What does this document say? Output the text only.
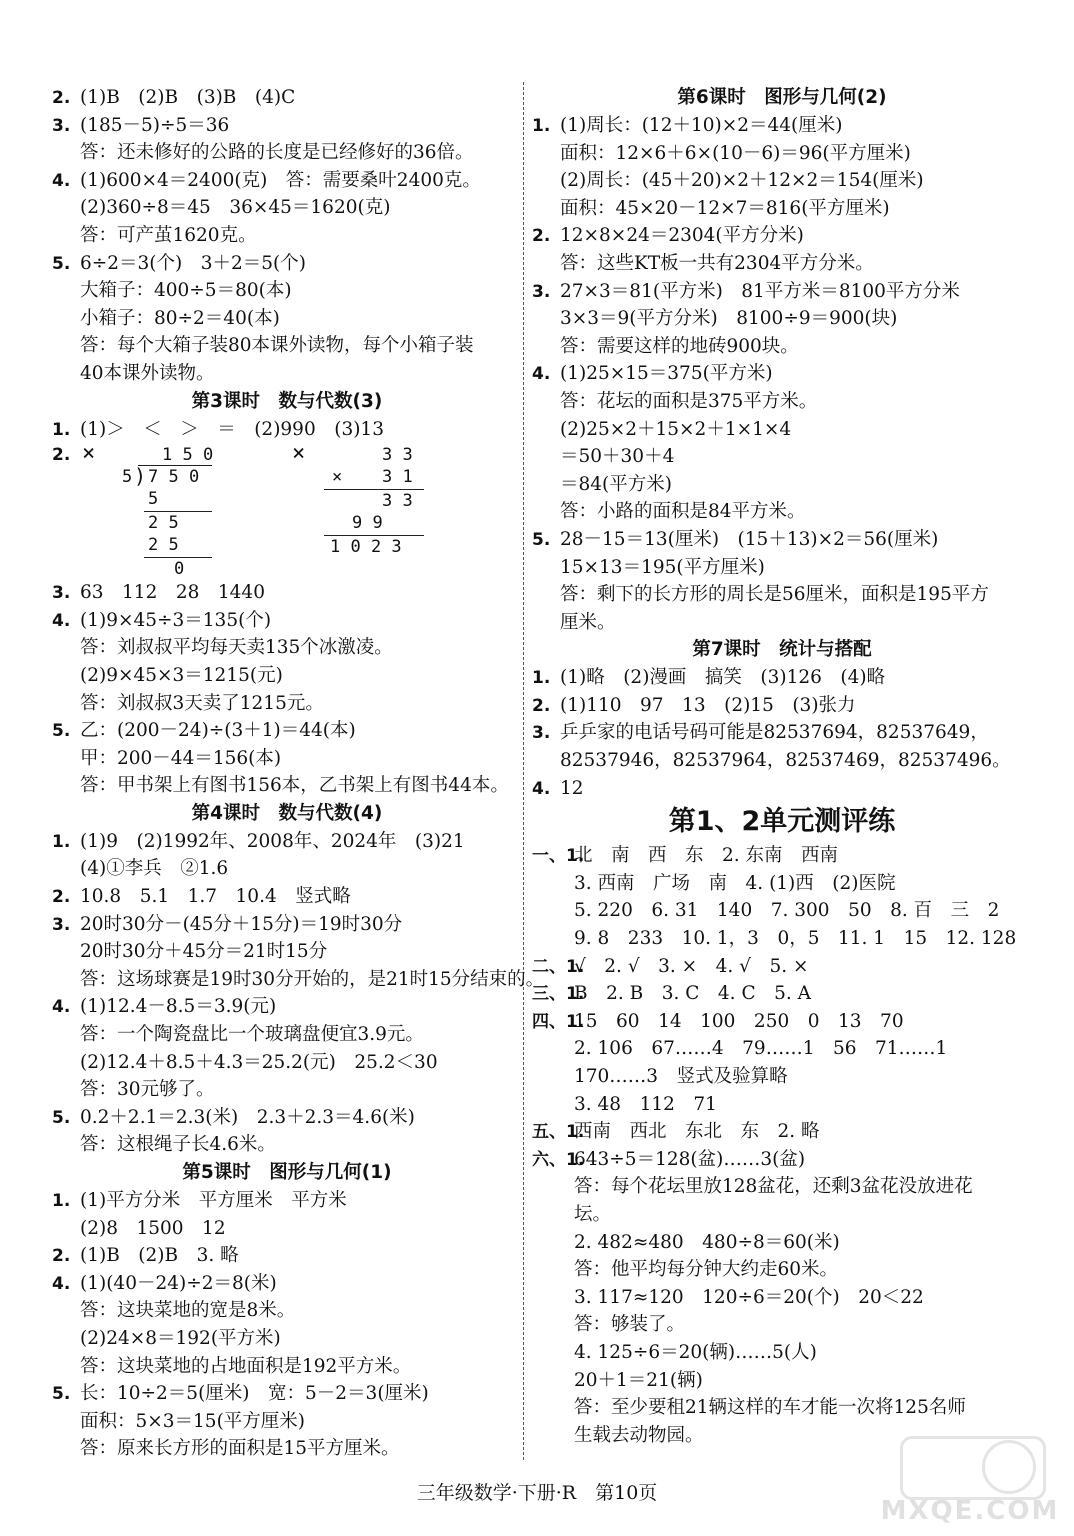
2. (1)B　(2)B　(3)B　(4)C
3. (185－5)÷5＝36
答：还未修好的公路的长度是已经修好的36倍。
4. (1)600×4＝2400(克)　答：需要桑叶2400克。
(2)360÷8＝45　36×45＝1620(克)
答：可产茧1620克。
5. 6÷2＝3(个)　3＋2＝5(个)
大箱子：400÷5＝80(本)
小箱子：80÷2＝40(本)
答：每个大箱子装80本课外读物，每个小箱子装
40本课外读物。
第3课时　数与代数(3)
1. (1)＞　＜　＞　＝　(2)990　(3)13
2. ×	1 5 0
5 ) 7 5 0
5
2 5
2 5
0
×	3 3
× 3 1
3 3
9 9
1 0 2 3
3. 63　112　28　1440
4. (1)9×45÷3＝135(个)
答：刘叔叔平均每天卖135个冰激凌。
(2)9×45×3＝1215(元)
答：刘叔叔3天卖了1215元。
5. 乙：(200－24)÷(3＋1)＝44(本)
甲：200－44＝156(本)
答：甲书架上有图书156本，乙书架上有图书44本。
第4课时　数与代数(4)
1. (1)9　(2)1992年、2008年、2024年　(3)21
(4)①李兵　②1.6
2. 10.8　5.1　1.7　10.4　竖式略
3. 20时30分－(45分＋15分)＝19时30分
20时30分＋45分＝21时15分
答：这场球赛是19时30分开始的，是21时15分结束的。
4. (1)12.4－8.5＝3.9(元)
答：一个陶瓷盘比一个玻璃盘便宜3.9元。
(2)12.4＋8.5＋4.3＝25.2(元)　25.2＜30
答：30元够了。
5. 0.2＋2.1＝2.3(米)　2.3＋2.3＝4.6(米)
答：这根绳子长4.6米。
第5课时　图形与几何(1)
1. (1)平方分米　平方厘米　平方米
(2)8　1500　12
2. (1)B　(2)B　3. 略
4. (1)(40－24)÷2＝8(米)
答：这块菜地的宽是8米。
(2)24×8＝192(平方米)
答：这块菜地的占地面积是192平方米。
5. 长：10÷2＝5(厘米)　宽：5－2＝3(厘米)
面积：5×3＝15(平方厘米)
答：原来长方形的面积是15平方厘米。
第6课时　图形与几何(2)
1. (1)周长：(12＋10)×2＝44(厘米)
面积：12×6＋6×(10－6)＝96(平方厘米)
(2)周长：(45＋20)×2＋12×2＝154(厘米)
面积：45×20－12×7＝816(平方厘米)
2. 12×8×24＝2304(平方分米)
答：这些KT板一共有2304平方分米。
3. 27×3＝81(平方米)　81平方米＝8100平方分米
3×3＝9(平方分米)　8100÷9＝900(块)
答：需要这样的地砖900块。
4. (1)25×15＝375(平方米)
答：花坛的面积是375平方米。
(2)25×2＋15×2＋1×1×4
＝50＋30＋4
＝84(平方米)
答：小路的面积是84平方米。
5. 28－15＝13(厘米)　(15＋13)×2＝56(厘米)
15×13＝195(平方厘米)
答：剩下的长方形的周长是56厘米，面积是195平方
厘米。
第7课时　统计与搭配
1. (1)略　(2)漫画　搞笑　(3)126　(4)略
2. (1)110　97　13　(2)15　(3)张力
3. 乒乒家的电话号码可能是82537694，82537649，
82537946，82537964，82537469，82537496。
4. 12
第1、2单元测评练
一、1.北　南　西　东　2. 东南　西南
3. 西南　广场　南　4. (1)西　(2)医院
5. 220　6. 31　140　7. 300　50　8. 百　三　2
9. 8　233　10. 1，3　0，5　11. 1　15　12. 128
二、1.√　2. √　3. ×　4. √　5. ×
三、1.B　2. B　3. C　4. C　5. A
四、1.15　60　14　100　250　0　13　70
2. 106　67……4　79……1　56　71……1
170……3　竖式及验算略
3. 48　112　71
五、1.西南　西北　东北　东　2. 略
六、1.643÷5＝128(盆)……3(盆)
答：每个花坛里放128盆花，还剩3盆花没放进花
坛。
2. 482≈480　480÷8＝60(米)
答：他平均每分钟大约走60米。
3. 117≈120　120÷6＝20(个)　20＜22
答：够装了。
4. 125÷6＝20(辆)……5(人)
20＋1＝21(辆)
答：至少要租21辆这样的车才能一次将125名师
生载去动物园。
三年级数学·下册·R　第10页
MXQE.COM
